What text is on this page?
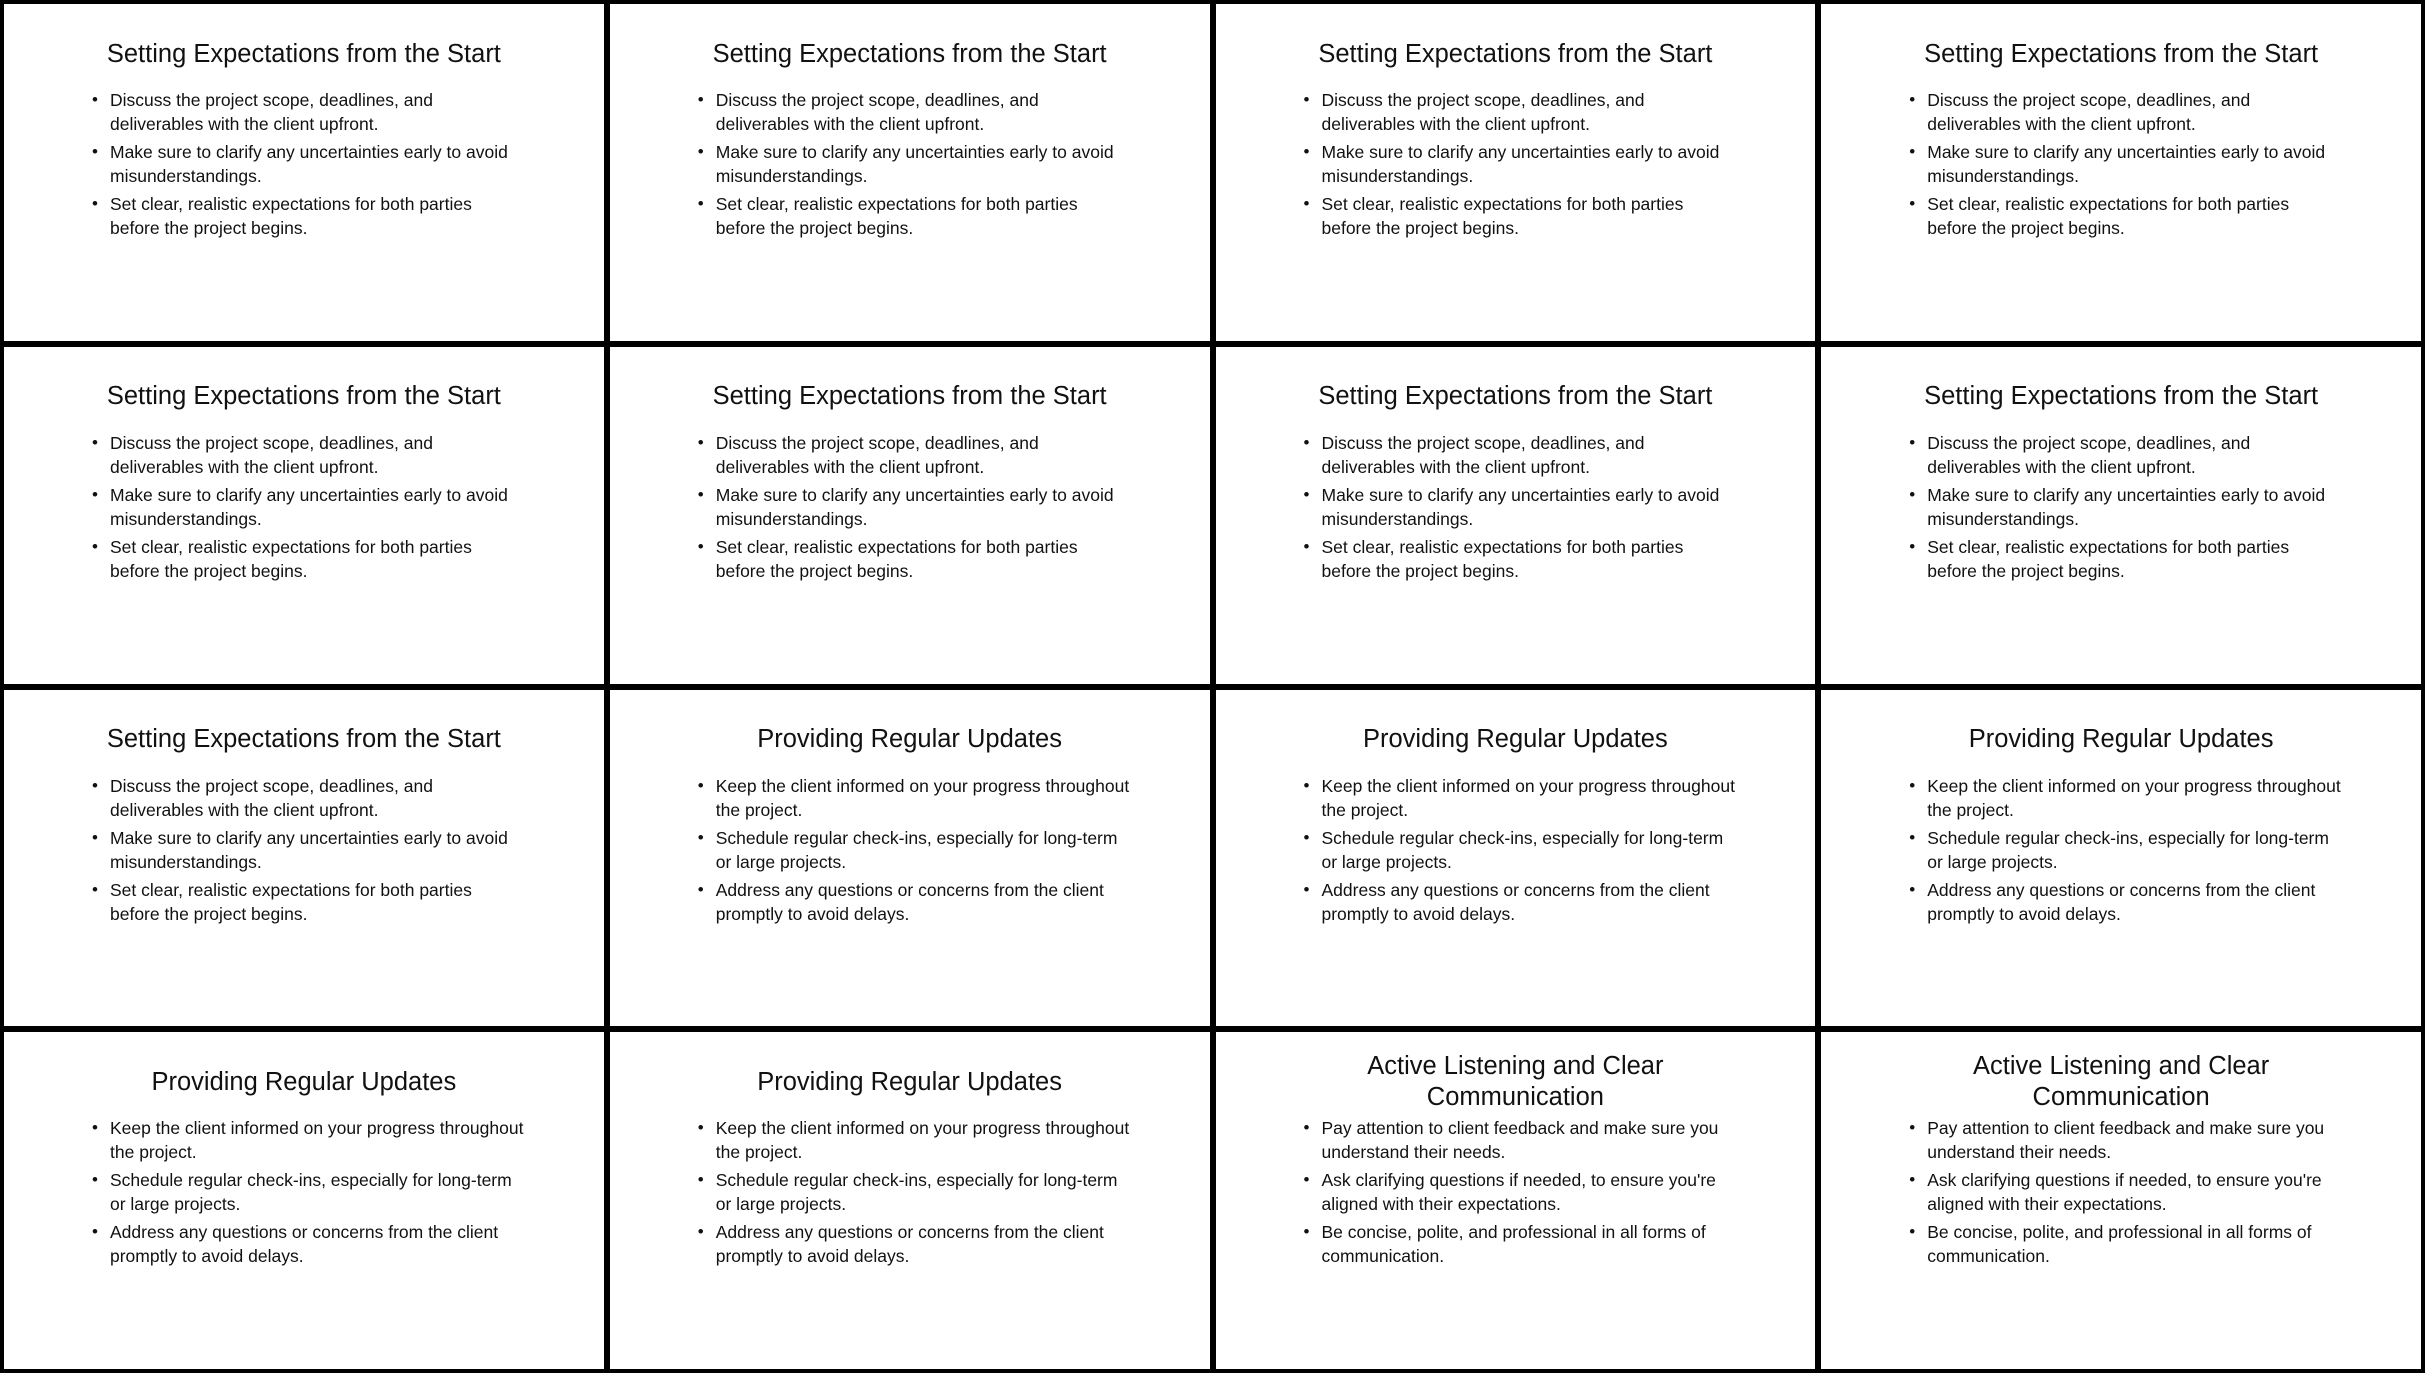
Setting Expectations from the Start
• Discuss the project scope, deadlines, and deliverables with the client upfront.
• Make sure to clarify any uncertainties early to avoid misunderstandings.
• Set clear, realistic expectations for both parties before the project begins.
Setting Expectations from the Start
• Discuss the project scope, deadlines, and deliverables with the client upfront.
• Make sure to clarify any uncertainties early to avoid misunderstandings.
• Set clear, realistic expectations for both parties before the project begins.
Setting Expectations from the Start
• Discuss the project scope, deadlines, and deliverables with the client upfront.
• Make sure to clarify any uncertainties early to avoid misunderstandings.
• Set clear, realistic expectations for both parties before the project begins.
Setting Expectations from the Start
• Discuss the project scope, deadlines, and deliverables with the client upfront.
• Make sure to clarify any uncertainties early to avoid misunderstandings.
• Set clear, realistic expectations for both parties before the project begins.
Setting Expectations from the Start
• Discuss the project scope, deadlines, and deliverables with the client upfront.
• Make sure to clarify any uncertainties early to avoid misunderstandings.
• Set clear, realistic expectations for both parties before the project begins.
Setting Expectations from the Start
• Discuss the project scope, deadlines, and deliverables with the client upfront.
• Make sure to clarify any uncertainties early to avoid misunderstandings.
• Set clear, realistic expectations for both parties before the project begins.
Setting Expectations from the Start
• Discuss the project scope, deadlines, and deliverables with the client upfront.
• Make sure to clarify any uncertainties early to avoid misunderstandings.
• Set clear, realistic expectations for both parties before the project begins.
Setting Expectations from the Start
• Discuss the project scope, deadlines, and deliverables with the client upfront.
• Make sure to clarify any uncertainties early to avoid misunderstandings.
• Set clear, realistic expectations for both parties before the project begins.
Setting Expectations from the Start
• Discuss the project scope, deadlines, and deliverables with the client upfront.
• Make sure to clarify any uncertainties early to avoid misunderstandings.
• Set clear, realistic expectations for both parties before the project begins.
Providing Regular Updates
• Keep the client informed on your progress throughout the project.
• Schedule regular check-ins, especially for long-term or large projects.
• Address any questions or concerns from the client promptly to avoid delays.
Providing Regular Updates
• Keep the client informed on your progress throughout the project.
• Schedule regular check-ins, especially for long-term or large projects.
• Address any questions or concerns from the client promptly to avoid delays.
Providing Regular Updates
• Keep the client informed on your progress throughout the project.
• Schedule regular check-ins, especially for long-term or large projects.
• Address any questions or concerns from the client promptly to avoid delays.
Providing Regular Updates
• Keep the client informed on your progress throughout the project.
• Schedule regular check-ins, especially for long-term or large projects.
• Address any questions or concerns from the client promptly to avoid delays.
Providing Regular Updates
• Keep the client informed on your progress throughout the project.
• Schedule regular check-ins, especially for long-term or large projects.
• Address any questions or concerns from the client promptly to avoid delays.
Active Listening and Clear Communication
• Pay attention to client feedback and make sure you understand their needs.
• Ask clarifying questions if needed, to ensure you're aligned with their expectations.
• Be concise, polite, and professional in all forms of communication.
Active Listening and Clear Communication
• Pay attention to client feedback and make sure you understand their needs.
• Ask clarifying questions if needed, to ensure you're aligned with their expectations.
• Be concise, polite, and professional in all forms of communication.
